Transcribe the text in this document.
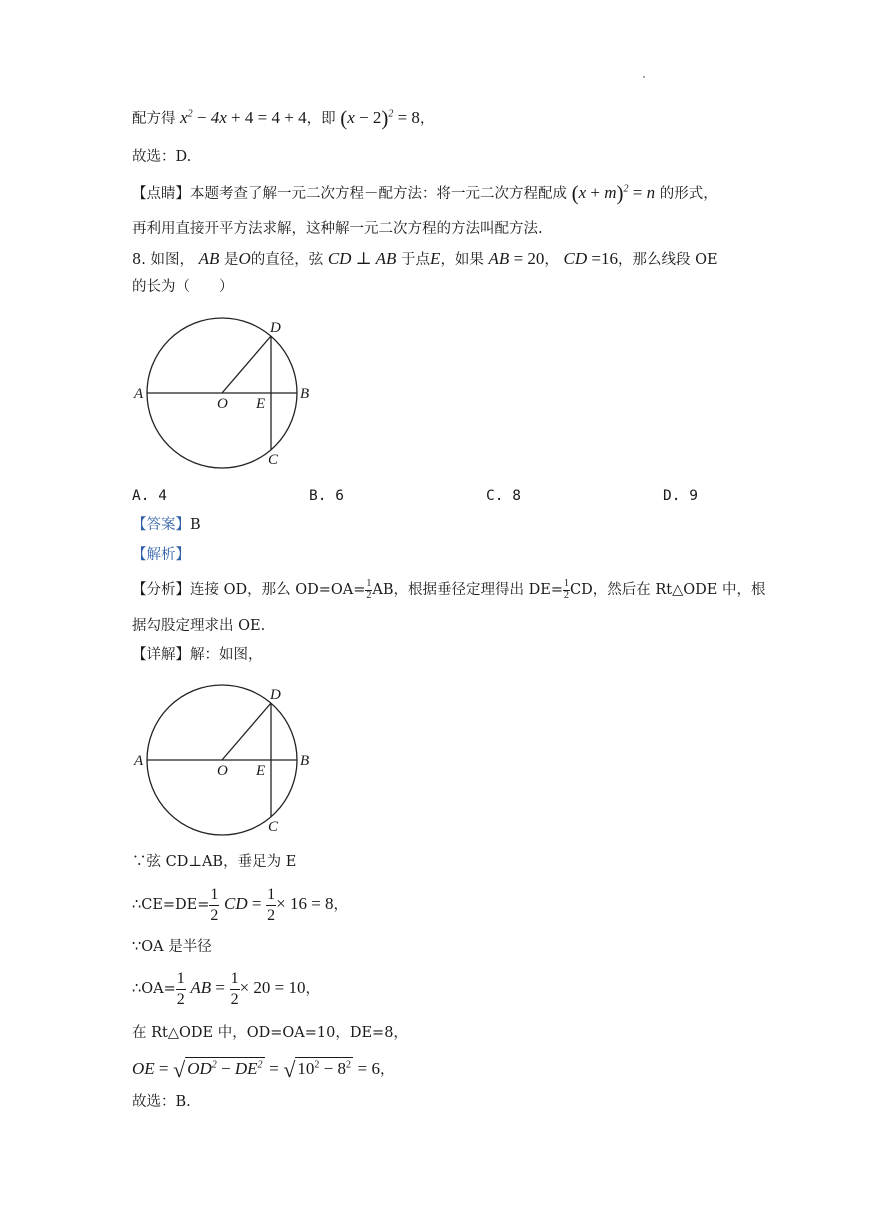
配方得 $x^2 - 4x + 4 = 4 + 4$，即 $(x - 2)^2 = 8$，
故选：D.
【点睛】本题考查了解一元二次方程－配方法：将一元二次方程配成 $(x + m)^2 = n$ 的形式，
再利用直接开平方法求解，这种解一元二次方程的方法叫配方法.
8. 如图， AB 是O的直径，弦 CD ⊥ AB 于点E，如果 AB = 20， CD =16，那么线段 OE
的长为（　　）
A	B
C
D
E
O
A. 4	B. 6	C. 8	D. 9
【答案】B
【解析】
【分析】连接 OD，那么 $OD=OA= \frac{1}{2}$ AB，根据垂径定理得出 $DE= \frac{1}{2}$ CD，然后在 Rt△ODE 中，根
据勾股定理求出 OE.
【详解】解：如图，
A	B
C
D
E
O
∵弦 CD⊥AB，垂足为 E
∴CE=DE= $\frac{1}{2}$ CD = $\frac{1}{2} \times 16 = 8$，
∵OA 是半径
∴OA= $\frac{1}{2}$ AB = $\frac{1}{2} \times 20 = 10$，
在 Rt△ODE 中，OD=OA=10，DE=8，
OE = √ $OD^2 - DE^2$ = √ $10^2 - 8^2 = 6$，
故选：B.
